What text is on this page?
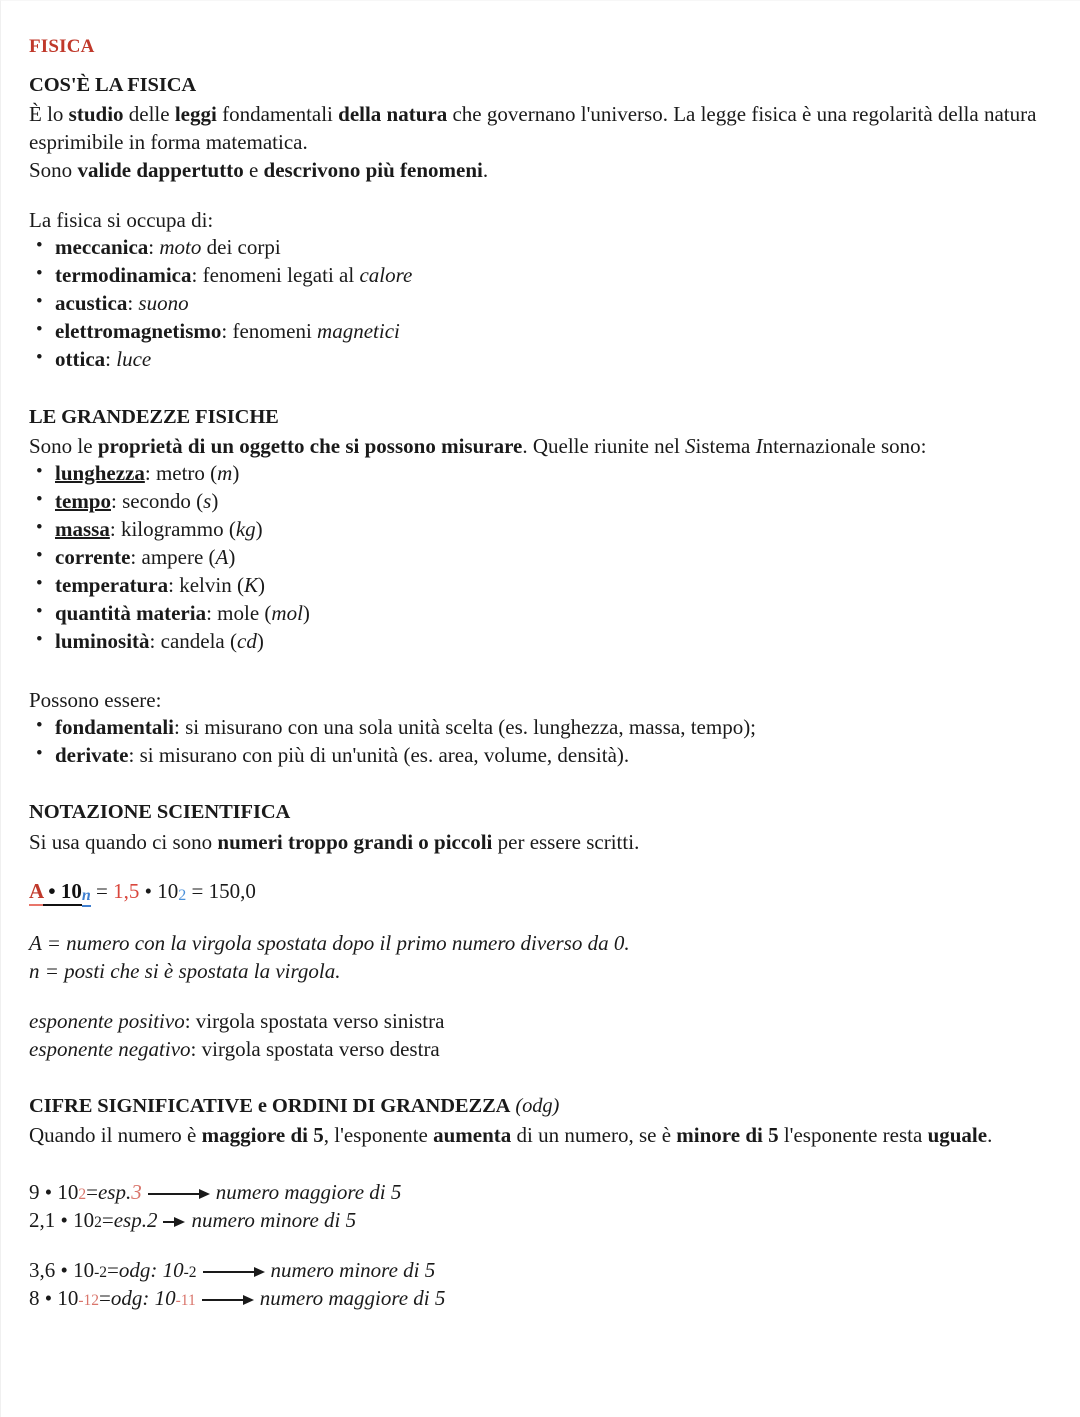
FISICA
COS'È LA FISICA

È lo studio delle leggi fondamentali della natura che governano l'universo. La legge fisica è una regolarità della natura esprimibile in forma matematica.

Sono valide dappertutto e descrivono più fenomeni.

La fisica si occupa di:

• meccanica: moto dei corpi
• termodinamica: fenomeni legati al calore
• acustica: suono
• elettromagnetismo: fenomeni magnetici
• ottica: luce
LE GRANDEZZE FISICHE

Sono le proprietà di un oggetto che si possono misurare. Quelle riunite nel Sistema Internazionale sono:

• lunghezza: metro (m)
• tempo: secondo (s)
• massa: kilogrammo (kg)
• corrente: ampere (A)
• temperatura: kelvin (K)
• quantità materia: mole (mol)
• luminosità: candela (cd)

Possono essere:

• fondamentali: si misurano con una sola unità scelta (es. lunghezza, massa, tempo);
• derivate: si misurano con più di un'unità (es. area, volume, densità).
NOTAZIONE SCIENTIFICA

Si usa quando ci sono numeri troppo grandi o piccoli per essere scritti.

A • 10n = 1,5 • 102 = 150,0

A = numero con la virgola spostata dopo il primo numero diverso da 0.

n = posti che si è spostata la virgola.

esponente positivo: virgola spostata verso sinistra

esponente negativo: virgola spostata verso destra

CIFRE SIGNIFICATIVE e ORDINI DI GRANDEZZA (odg)

Quando il numero è maggiore di 5, l'esponente aumenta di un numero, se è minore di 5 l'esponente resta uguale.

9 • 10 2 = esp. 3	numero maggiore di 5
2,1 • 10 2 = esp. 2 numero minore di 5
3,6 • 10 -2 = odg: 10 -2	numero minore di 5
8 • 10 -12 = odg: 10 -11	numero maggiore di 5
